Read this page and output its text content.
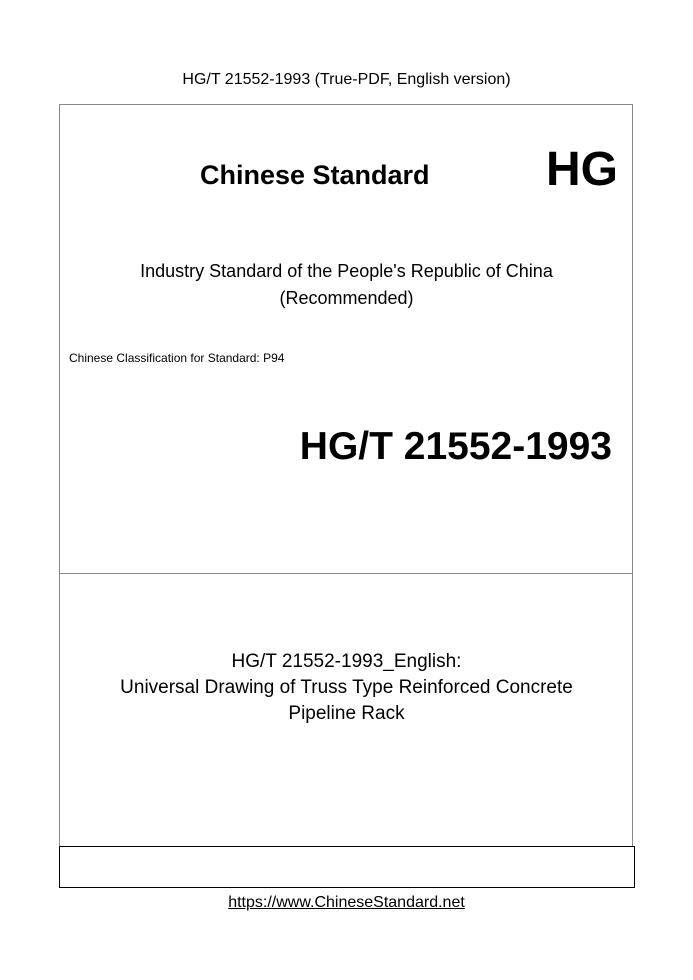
HG/T 21552-1993 (True-PDF, English version)
Chinese Standard HG
Industry Standard of the People's Republic of China
(Recommended)
Chinese Classification for Standard: P94
HG/T 21552-1993
HG/T 21552-1993_English:
Universal Drawing of Truss Type Reinforced Concrete
Pipeline Rack
https://www.ChineseStandard.net
